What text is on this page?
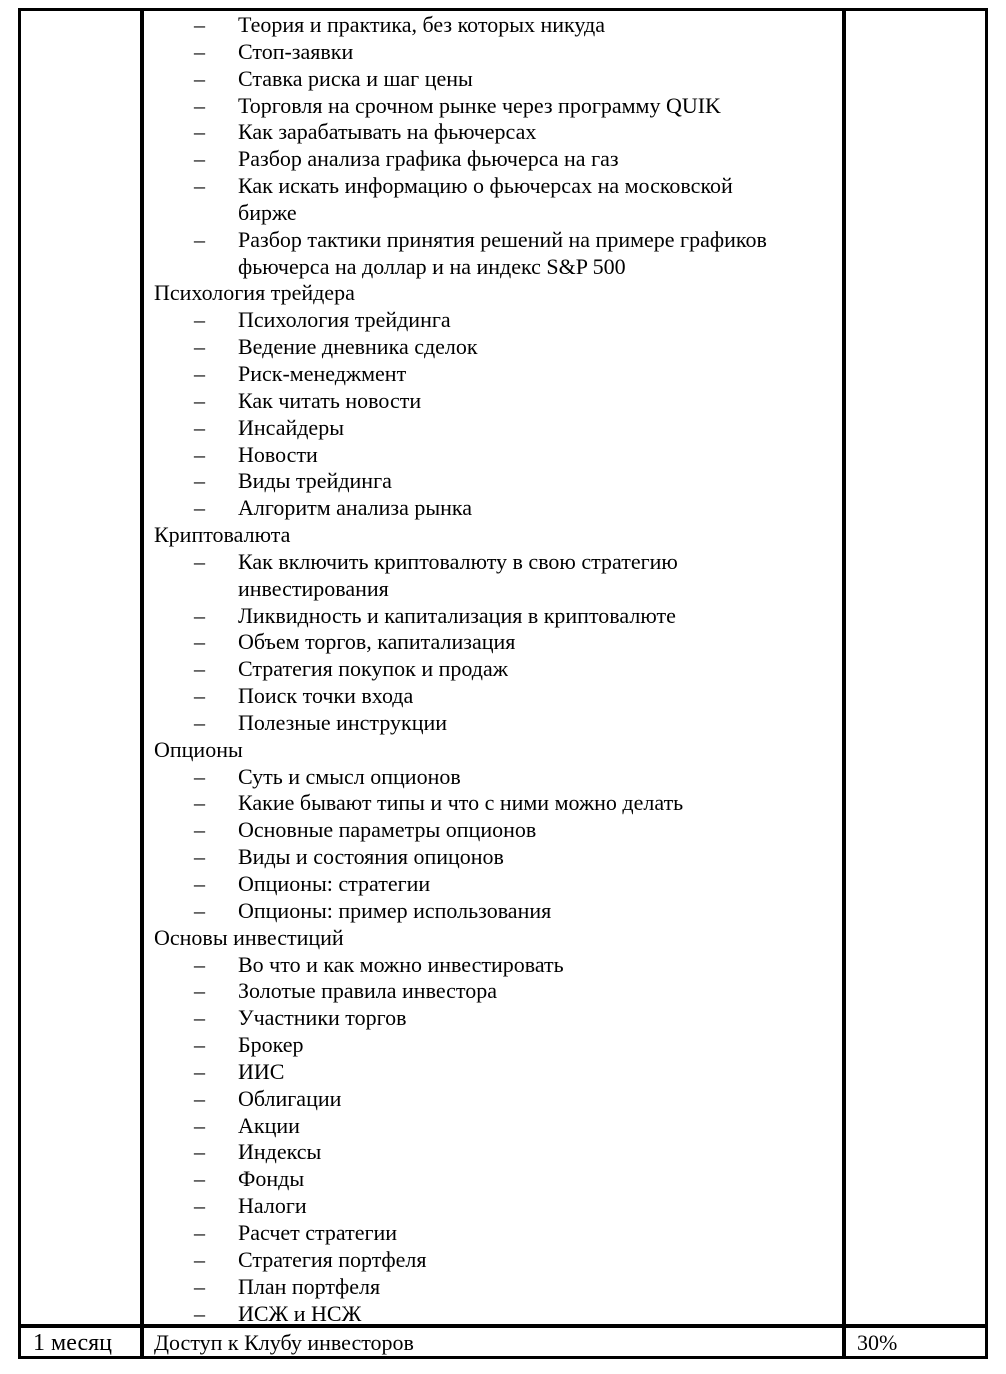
– Теория и практика, без которых никуда
– Стоп-заявки
– Ставка риска и шаг цены
– Торговля на срочном рынке через программу QUIK
– Как зарабатывать на фьючерсах
– Разбор анализа графика фьючерса на газ
– Как искать информацию о фьючерсах на московской
бирже
– Разбор тактики принятия решений на примере графиков
фьючерса на доллар и на индекс S&P 500
Психология трейдера
– Психология трейдинга
– Ведение дневника сделок
– Риск-менеджмент
– Как читать новости
– Инсайдеры
– Новости
– Виды трейдинга
– Алгоритм анализа рынка
Криптовалюта
– Как включить криптовалюту в свою стратегию
инвестирования
– Ликвидность и капитализация в криптовалюте
– Объем торгов, капитализация
– Стратегия покупок и продаж
– Поиск точки входа
– Полезные инструкции
Опционы
– Суть и смысл опционов
– Какие бывают типы и что с ними можно делать
– Основные параметры опционов
– Виды и состояния опицонов
– Опционы: стратегии
– Опционы: пример использования
Основы инвестиций
– Во что и как можно инвестировать
– Золотые правила инвестора
– Участники торгов
– Брокер
– ИИС
– Облигации
– Акции
– Индексы
– Фонды
– Налоги
– Расчет стратегии
– Стратегия портфеля
– План портфеля
– ИСЖ и НСЖ
1 месяц Доступ к Клубу инвесторов	30%
